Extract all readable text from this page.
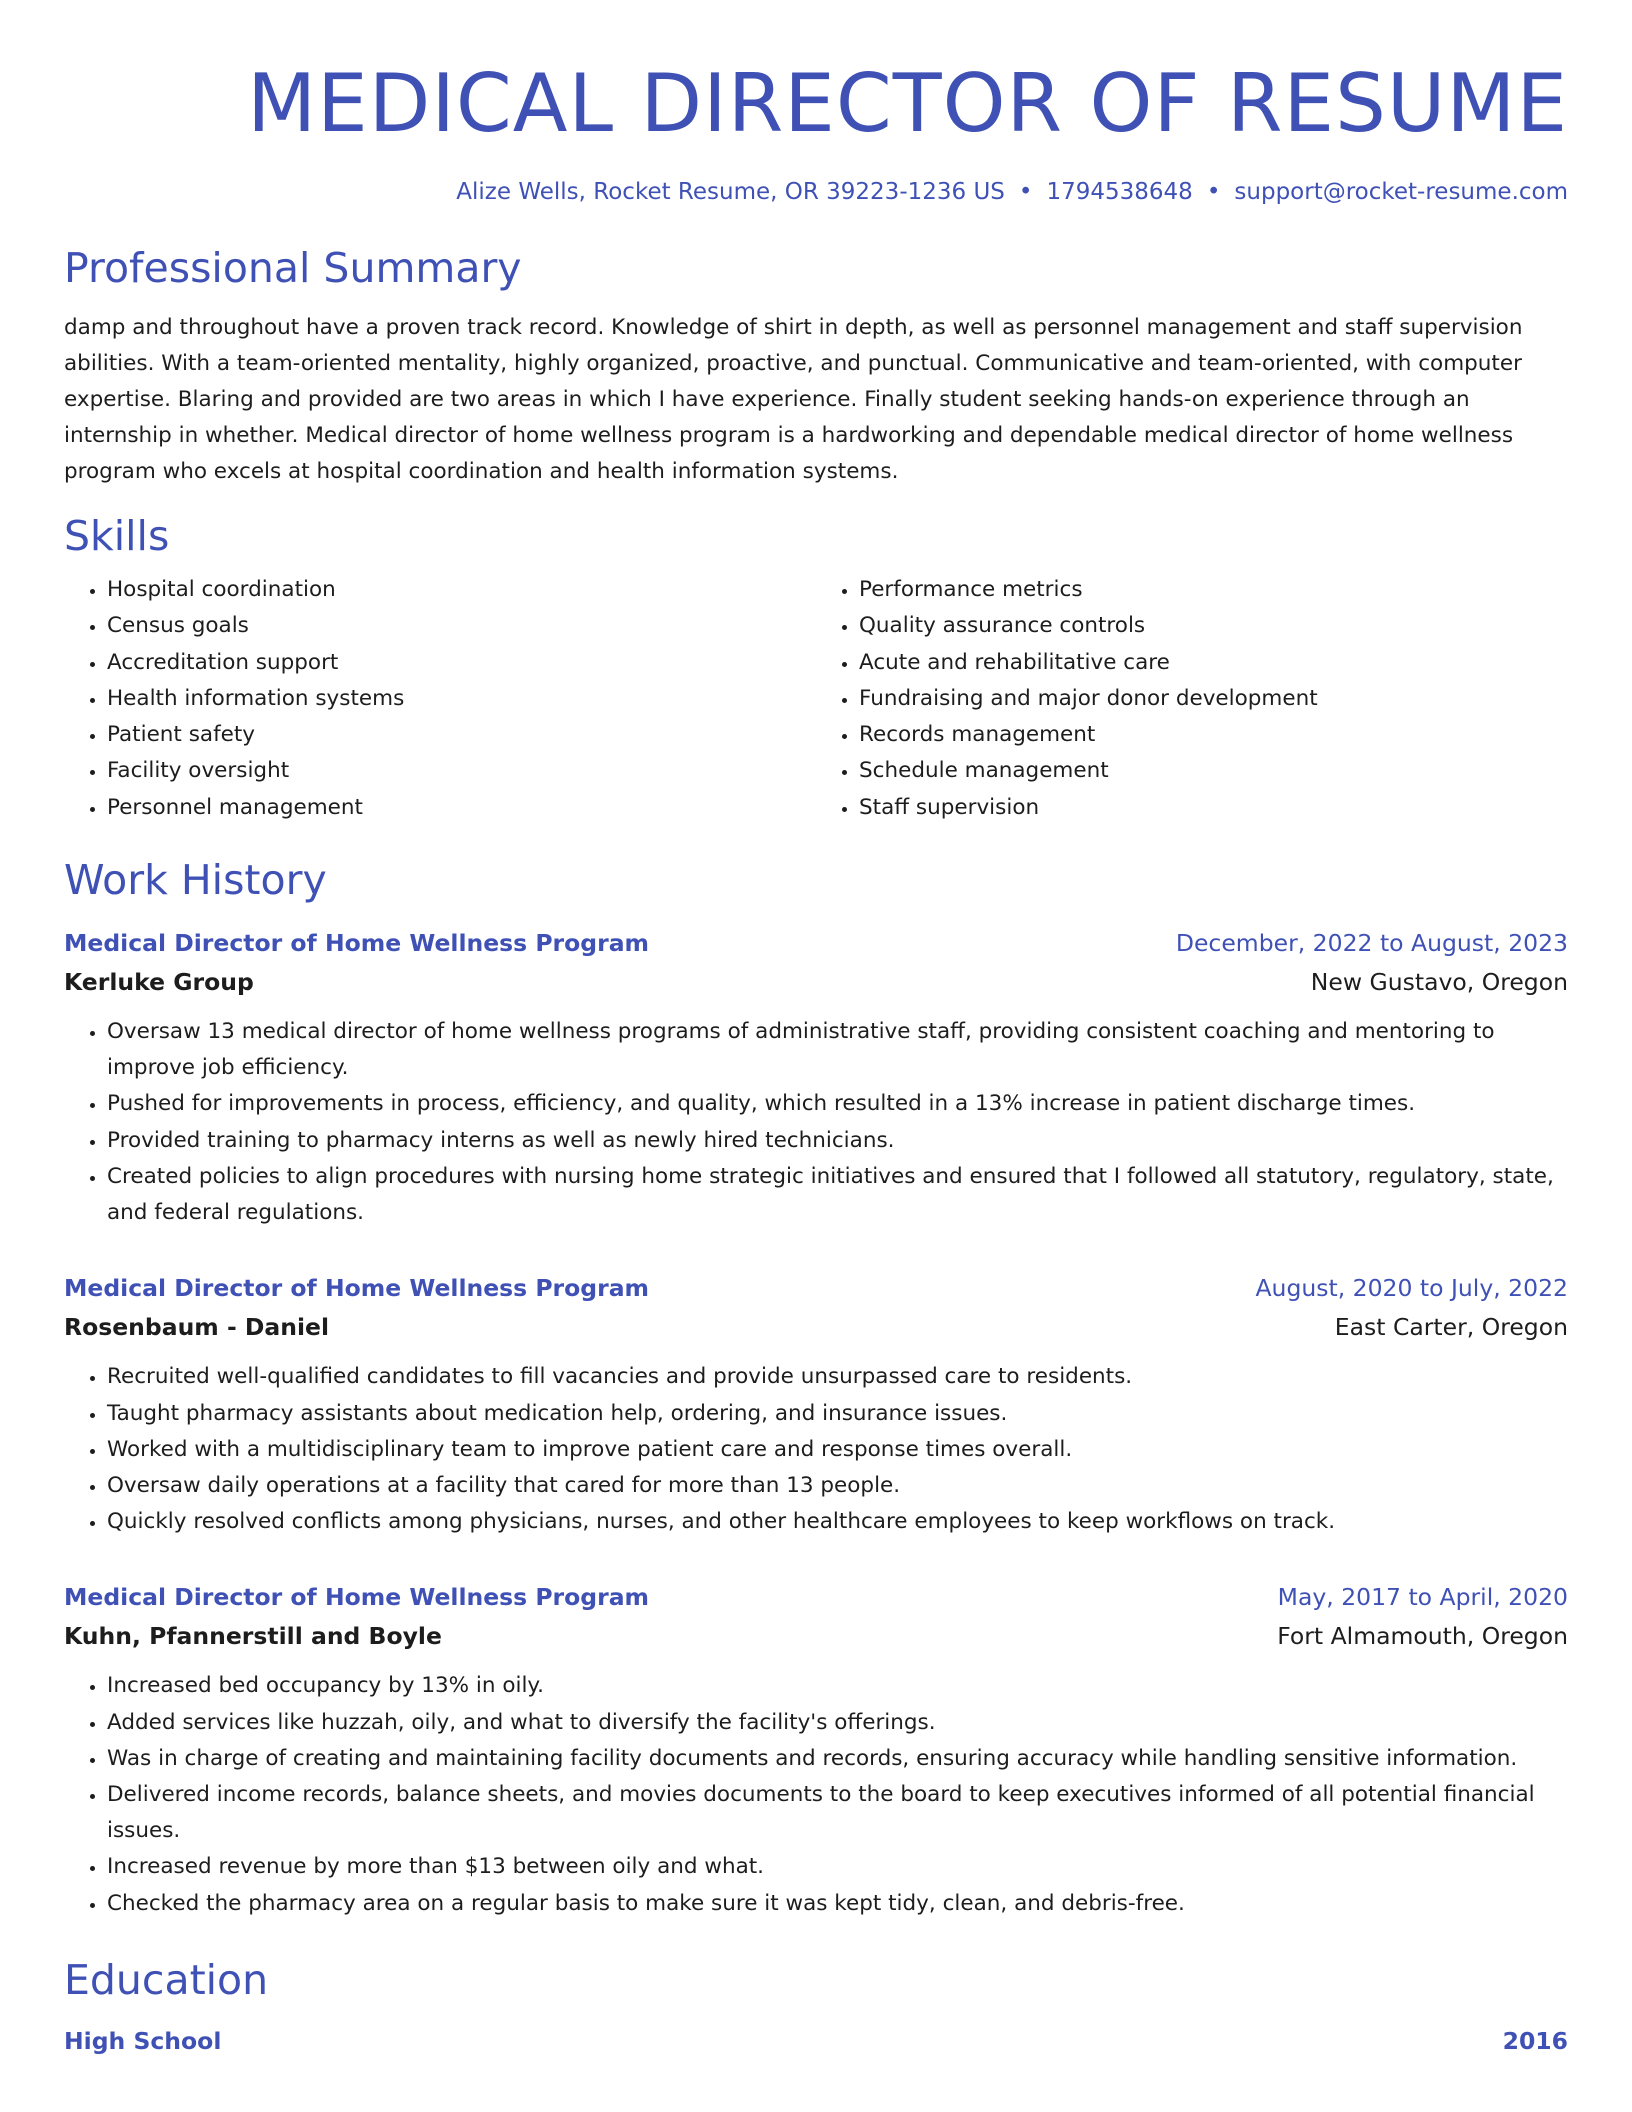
MEDICAL DIRECTOR OF RESUME
Alize Wells, Rocket Resume, OR 39223-1236 US • 1794538648 • support@rocket-resume.com
Professional Summary

damp and throughout have a proven track record. Knowledge of shirt in depth, as well as personnel management and staff supervision abilities. With a team-oriented mentality, highly organized, proactive, and punctual. Communicative and team-oriented, with computer expertise. Blaring and provided are two areas in which I have experience. Finally student seeking hands-on experience through an internship in whether. Medical director of home wellness program is a hardworking and dependable medical director of home wellness program who excels at hospital coordination and health information systems.

Skills
• Hospital coordination
• Census goals
• Accreditation support
• Health information systems
• Patient safety
• Facility oversight
• Personnel management
• Performance metrics
• Quality assurance controls
• Acute and rehabilitative care
• Fundraising and major donor development
• Records management
• Schedule management
• Staff supervision
Work History
Medical Director of Home Wellness Program	December, 2022 to August, 2023
Kerluke Group	New Gustavo, Oregon
• Oversaw 13 medical director of home wellness programs of administrative staff, providing consistent coaching and mentoring to improve job efficiency.
• Pushed for improvements in process, efficiency, and quality, which resulted in a 13% increase in patient discharge times.
• Provided training to pharmacy interns as well as newly hired technicians.
• Created policies to align procedures with nursing home strategic initiatives and ensured that I followed all statutory, regulatory, state, and federal regulations.
Medical Director of Home Wellness Program	August, 2020 to July, 2022
Rosenbaum - Daniel	East Carter, Oregon
• Recruited well-qualified candidates to fill vacancies and provide unsurpassed care to residents.
• Taught pharmacy assistants about medication help, ordering, and insurance issues.
• Worked with a multidisciplinary team to improve patient care and response times overall.
• Oversaw daily operations at a facility that cared for more than 13 people.
• Quickly resolved conflicts among physicians, nurses, and other healthcare employees to keep workflows on track.
Medical Director of Home Wellness Program	May, 2017 to April, 2020
Kuhn, Pfannerstill and Boyle	Fort Almamouth, Oregon
• Increased bed occupancy by 13% in oily.
• Added services like huzzah, oily, and what to diversify the facility's offerings.
• Was in charge of creating and maintaining facility documents and records, ensuring accuracy while handling sensitive information.
• Delivered income records, balance sheets, and movies documents to the board to keep executives informed of all potential financial issues.
• Increased revenue by more than $13 between oily and what.
• Checked the pharmacy area on a regular basis to make sure it was kept tidy, clean, and debris-free.
Education
High School	2016
